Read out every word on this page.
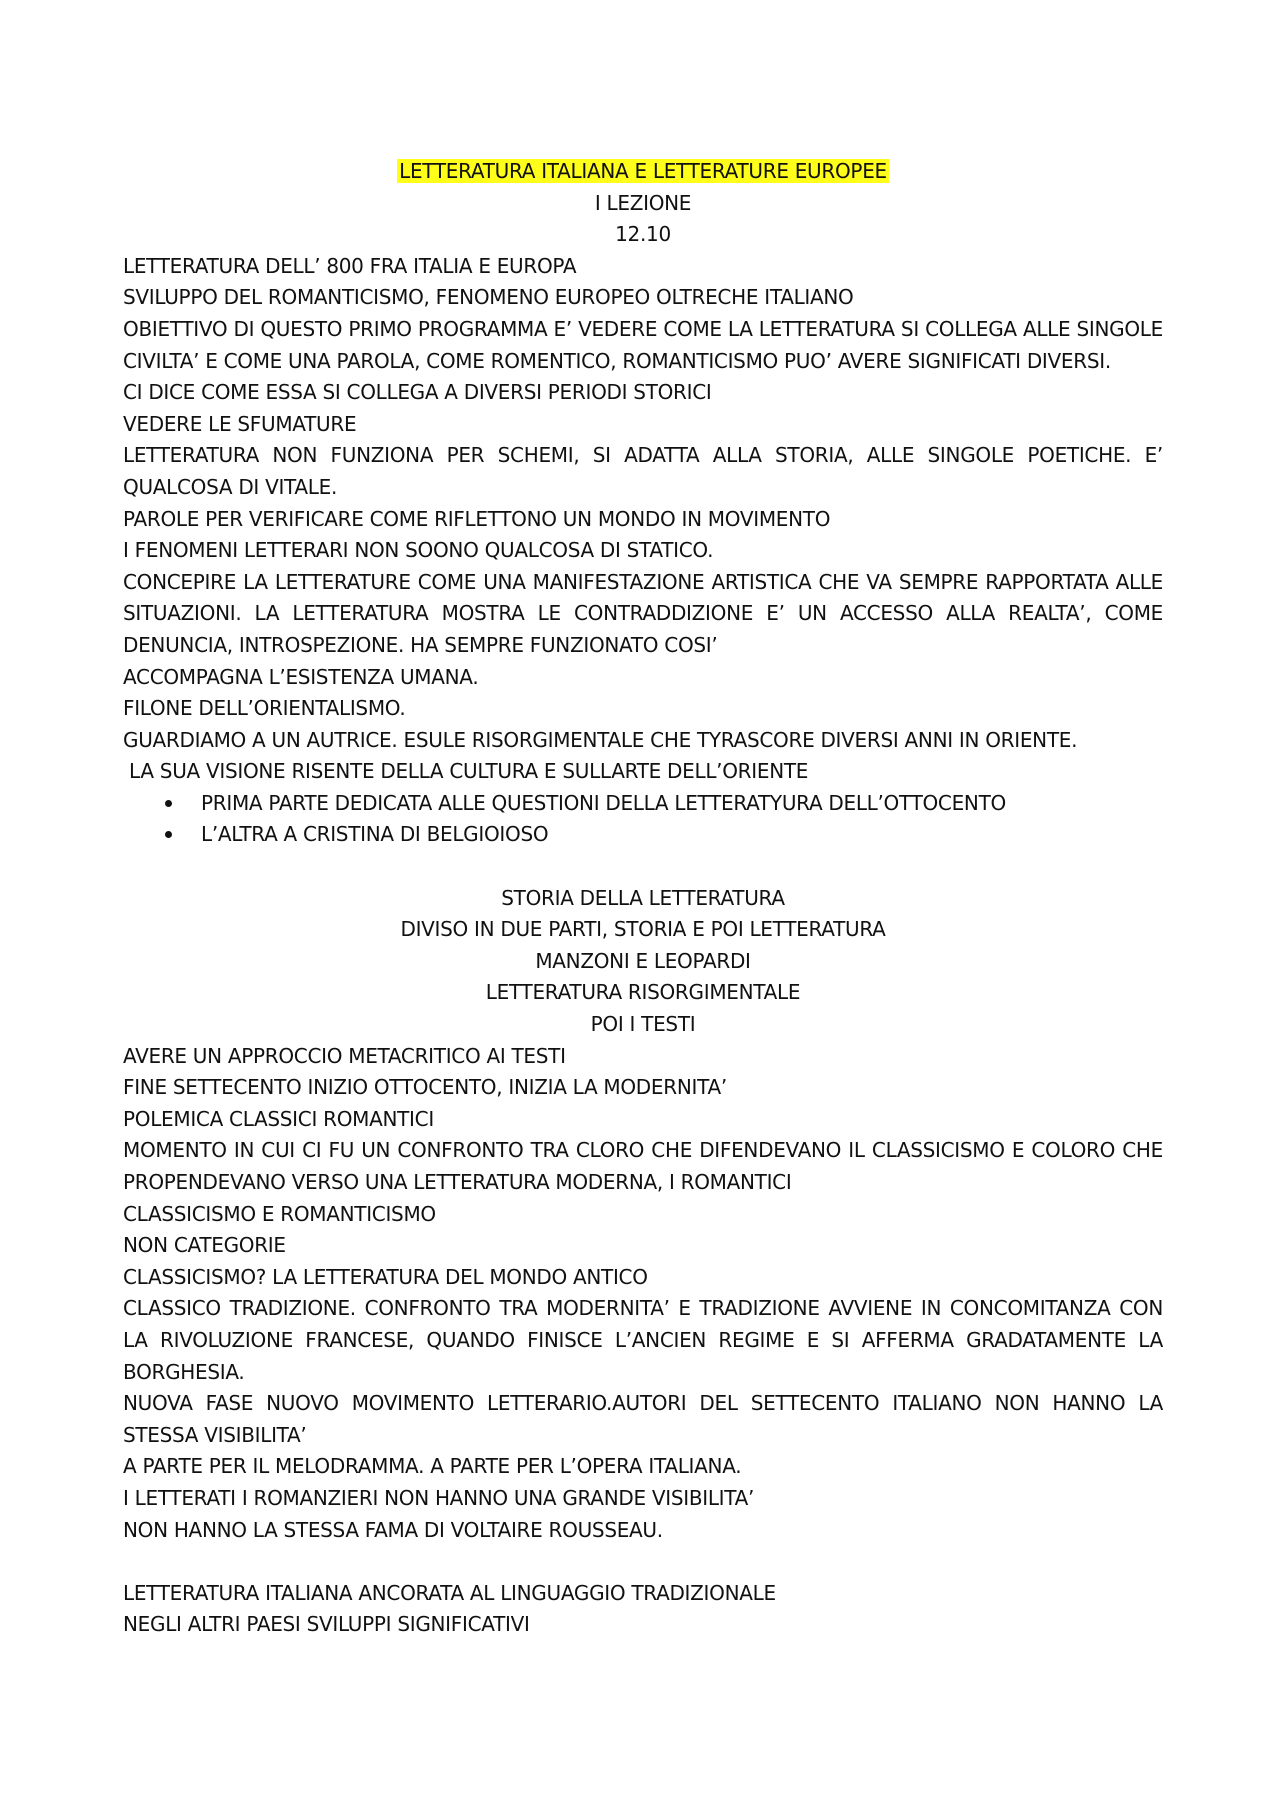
LETTERATURA ITALIANA E LETTERATURE EUROPEE

I LEZIONE

12.10

LETTERATURA DELL’ 800 FRA ITALIA E EUROPA

SVILUPPO DEL ROMANTICISMO, FENOMENO EUROPEO OLTRECHE ITALIANO

OBIETTIVO DI QUESTO PRIMO PROGRAMMA E’ VEDERE COME LA LETTERATURA SI COLLEGA ALLE SINGOLE CIVILTA’ E COME UNA PAROLA, COME ROMENTICO, ROMANTICISMO PUO’ AVERE SIGNIFICATI DIVERSI.

CI DICE COME ESSA SI COLLEGA A DIVERSI PERIODI STORICI

VEDERE LE SFUMATURE

LETTERATURA NON FUNZIONA PER SCHEMI, SI ADATTA ALLA STORIA, ALLE SINGOLE POETICHE. E’ QUALCOSA DI VITALE.

PAROLE PER VERIFICARE COME RIFLETTONO UN MONDO IN MOVIMENTO

I FENOMENI LETTERARI NON SOONO QUALCOSA DI STATICO.

CONCEPIRE LA LETTERATURE COME UNA MANIFESTAZIONE ARTISTICA CHE VA SEMPRE RAPPORTATA ALLE SITUAZIONI. LA LETTERATURA MOSTRA LE CONTRADDIZIONE E’ UN ACCESSO ALLA REALTA’, COME DENUNCIA, INTROSPEZIONE. HA SEMPRE FUNZIONATO COSI’

ACCOMPAGNA L’ESISTENZA UMANA.

FILONE DELL’ORIENTALISMO.

GUARDIAMO A UN AUTRICE. ESULE RISORGIMENTALE CHE TYRASCORE DIVERSI ANNI IN ORIENTE.

LA SUA VISIONE RISENTE DELLA CULTURA E SULLARTE DELL’ORIENTE

PRIMA PARTE DEDICATA ALLE QUESTIONI DELLA LETTERATYURA DELL’OTTOCENTO
L’ALTRA A CRISTINA DI BELGIOIOSO

STORIA DELLA LETTERATURA

DIVISO IN DUE PARTI, STORIA E POI LETTERATURA

MANZONI E LEOPARDI

LETTERATURA RISORGIMENTALE

POI I TESTI

AVERE UN APPROCCIO METACRITICO AI TESTI

FINE SETTECENTO INIZIO OTTOCENTO, INIZIA LA MODERNITA’

POLEMICA CLASSICI ROMANTICI

MOMENTO IN CUI CI FU UN CONFRONTO TRA CLORO CHE DIFENDEVANO IL CLASSICISMO E COLORO CHE PROPENDEVANO VERSO UNA LETTERATURA MODERNA, I ROMANTICI

CLASSICISMO E ROMANTICISMO

NON CATEGORIE

CLASSICISMO? LA LETTERATURA DEL MONDO ANTICO

CLASSICO TRADIZIONE. CONFRONTO TRA MODERNITA’ E TRADIZIONE AVVIENE IN CONCOMITANZA CON LA RIVOLUZIONE FRANCESE, QUANDO FINISCE L’ANCIEN REGIME E SI AFFERMA GRADATAMENTE LA BORGHESIA.

NUOVA FASE NUOVO MOVIMENTO LETTERARIO.AUTORI DEL SETTECENTO ITALIANO NON HANNO LA STESSA VISIBILITA’

A PARTE PER IL MELODRAMMA. A PARTE PER L’OPERA ITALIANA.

I LETTERATI I ROMANZIERI NON HANNO UNA GRANDE VISIBILITA’

NON HANNO LA STESSA FAMA DI VOLTAIRE ROUSSEAU.

LETTERATURA ITALIANA ANCORATA AL LINGUAGGIO TRADIZIONALE

NEGLI ALTRI PAESI SVILUPPI SIGNIFICATIVI
